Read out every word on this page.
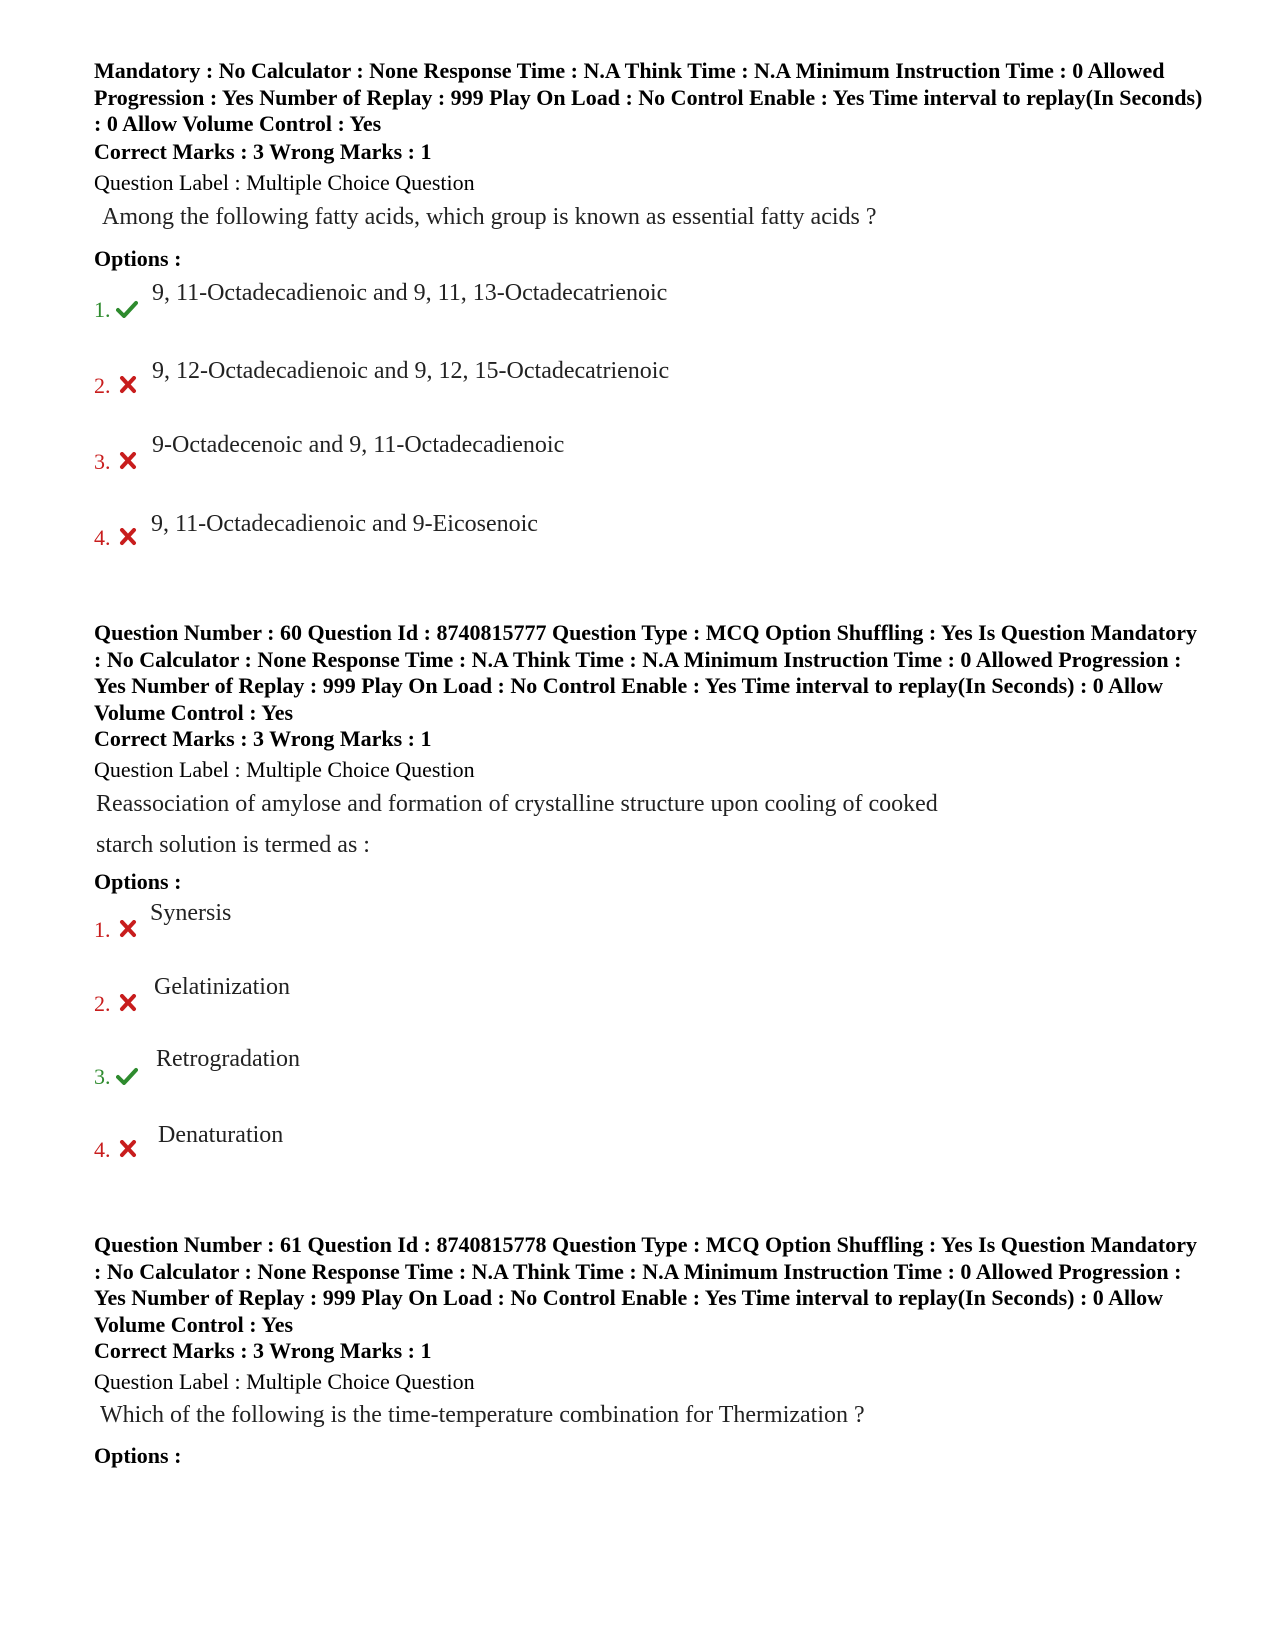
Mandatory : No Calculator : None Response Time : N.A Think Time : N.A Minimum Instruction Time : 0 Allowed Progression : Yes Number of Replay : 999 Play On Load : No Control Enable : Yes Time interval to replay(In Seconds) : 0 Allow Volume Control : Yes

Correct Marks : 3 Wrong Marks : 1

Question Label : Multiple Choice Question

Among the following fatty acids, which group is known as essential fatty acids ?

Options :

1.

9, 11-Octadecadienoic and 9, 11, 13-Octadecatrienoic

2.

9, 12-Octadecadienoic and 9, 12, 15-Octadecatrienoic

3.

9-Octadecenoic and 9, 11-Octadecadienoic

4.

9, 11-Octadecadienoic and 9-Eicosenoic

Question Number : 60 Question Id : 8740815777 Question Type : MCQ Option Shuffling : Yes Is Question Mandatory : No Calculator : None Response Time : N.A Think Time : N.A Minimum Instruction Time : 0 Allowed Progression : Yes Number of Replay : 999 Play On Load : No Control Enable : Yes Time interval to replay(In Seconds) : 0 Allow Volume Control : Yes

Correct Marks : 3 Wrong Marks : 1

Question Label : Multiple Choice Question

Reassociation of amylose and formation of crystalline structure upon cooling of cooked

starch solution is termed as :

Options :

1.

Synersis

2.

Gelatinization

3.

Retrogradation

4.

Denaturation

Question Number : 61 Question Id : 8740815778 Question Type : MCQ Option Shuffling : Yes Is Question Mandatory : No Calculator : None Response Time : N.A Think Time : N.A Minimum Instruction Time : 0 Allowed Progression : Yes Number of Replay : 999 Play On Load : No Control Enable : Yes Time interval to replay(In Seconds) : 0 Allow Volume Control : Yes

Correct Marks : 3 Wrong Marks : 1

Question Label : Multiple Choice Question

Which of the following is the time-temperature combination for Thermization ?

Options :
